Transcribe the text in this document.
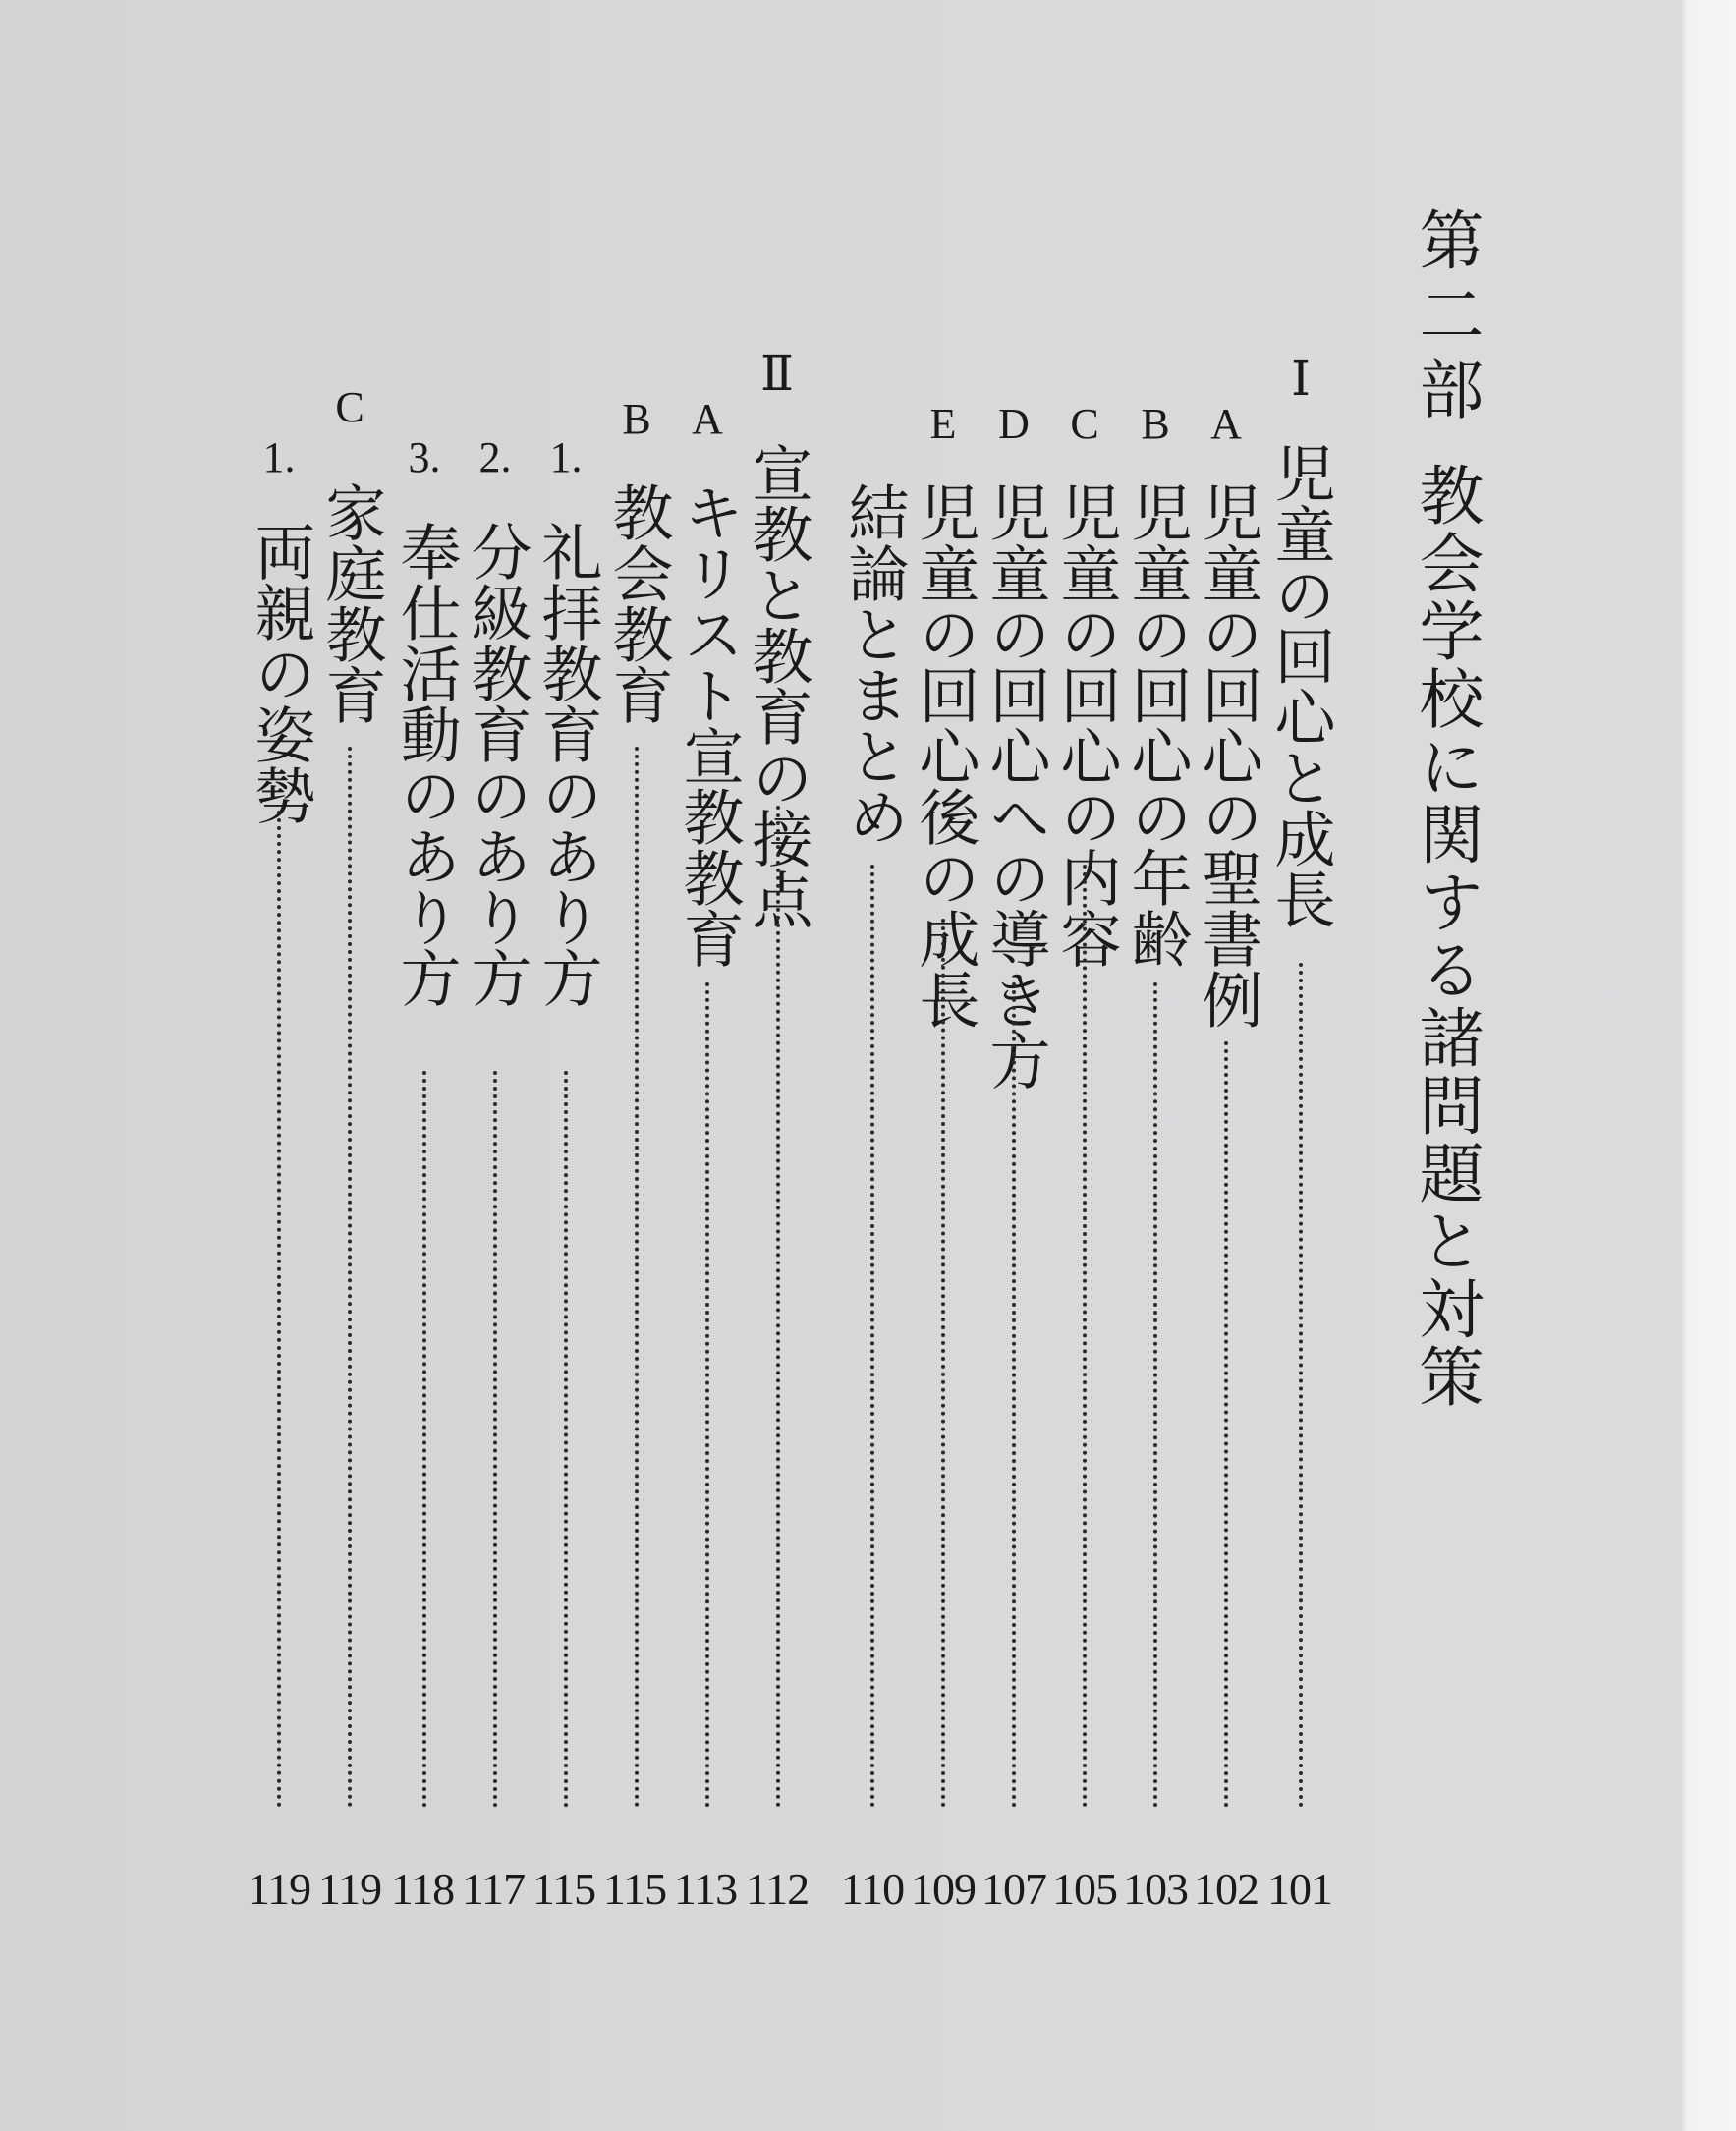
第二部
教会学校に関する諸問題と対策
Ⅰ
児童の回心と成長
101
A
児童の回心の聖書例
102
B
児童の回心の年齢
103
C
児童の回心の内容
105
D
児童の回心への導き方
107
E
児童の回心後の成長
109
結論とまとめ
110
Ⅱ
宣教と教育の接点
112
A
キリスト宣教教育
113
B
教会教育
115
1.
礼拝教育のあり方
115
2.
分級教育のあり方
117
3.
奉仕活動のあり方
118
C
家庭教育
119
1.
両親の姿勢
119
